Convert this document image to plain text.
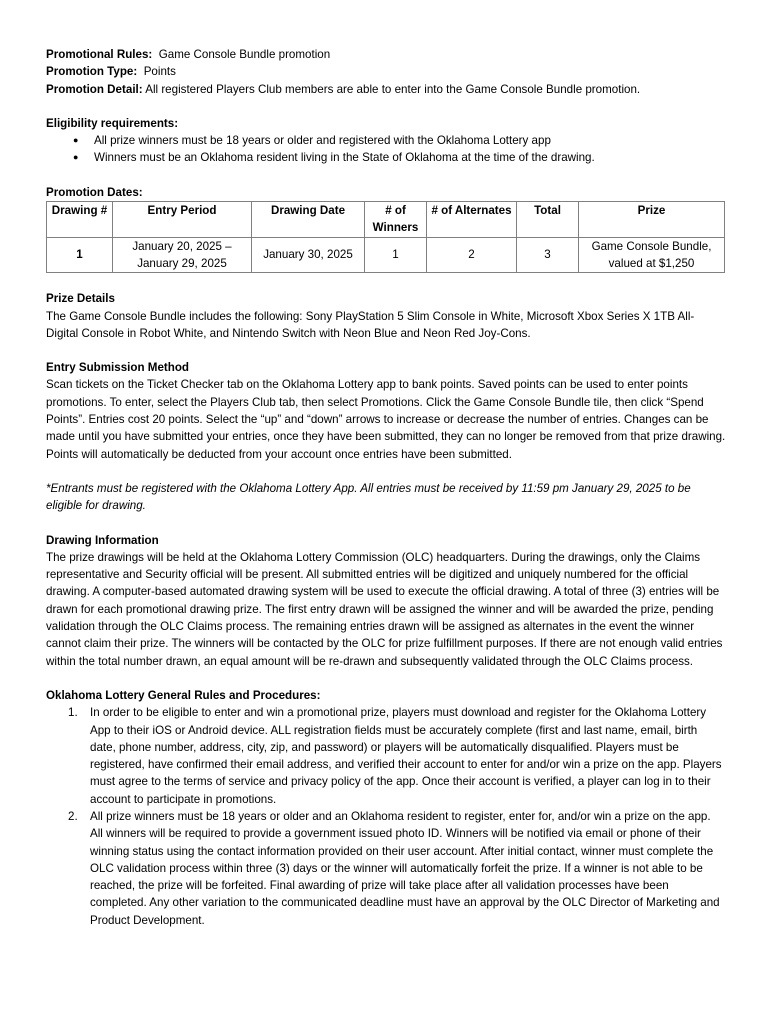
Promotional Rules: Game Console Bundle promotion

Promotion Type: Points

Promotion Detail: All registered Players Club members are able to enter into the Game Console Bundle promotion.

Eligibility requirements:

● All prize winners must be 18 years or older and registered with the Oklahoma Lottery app
● Winners must be an Oklahoma resident living in the State of Oklahoma at the time of the drawing.

Promotion Dates:

Drawing #	Entry Period	Drawing Date	# of Winners	# of Alternates	Total	Prize
1	January 20, 2025 – January 29, 2025	January 30, 2025	1	2	3	Game Console Bundle, valued at $1,250

Prize Details

The Game Console Bundle includes the following: Sony PlayStation 5 Slim Console in White, Microsoft Xbox Series X 1TB All-Digital Console in Robot White, and Nintendo Switch with Neon Blue and Neon Red Joy-Cons.

Entry Submission Method

Scan tickets on the Ticket Checker tab on the Oklahoma Lottery app to bank points. Saved points can be used to enter points promotions. To enter, select the Players Club tab, then select Promotions. Click the Game Console Bundle tile, then click “Spend Points”. Entries cost 20 points. Select the “up” and “down” arrows to increase or decrease the number of entries. Changes can be made until you have submitted your entries, once they have been submitted, they can no longer be removed from that prize drawing. Points will automatically be deducted from your account once entries have been submitted.

*Entrants must be registered with the Oklahoma Lottery App. All entries must be received by 11:59 pm January 29, 2025 to be eligible for drawing.

Drawing Information

The prize drawings will be held at the Oklahoma Lottery Commission (OLC) headquarters. During the drawings, only the Claims representative and Security official will be present. All submitted entries will be digitized and uniquely numbered for the official drawing. A computer-based automated drawing system will be used to execute the official drawing. A total of three (3) entries will be drawn for each promotional drawing prize. The first entry drawn will be assigned the winner and will be awarded the prize, pending validation through the OLC Claims process. The remaining entries drawn will be assigned as alternates in the event the winner cannot claim their prize. The winners will be contacted by the OLC for prize fulfillment purposes. If there are not enough valid entries within the total number drawn, an equal amount will be re-drawn and subsequently validated through the OLC Claims process.

Oklahoma Lottery General Rules and Procedures:

1. In order to be eligible to enter and win a promotional prize, players must download and register for the Oklahoma Lottery App to their iOS or Android device. ALL registration fields must be accurately complete (first and last name, email, birth date, phone number, address, city, zip, and password) or players will be automatically disqualified. Players must be registered, have confirmed their email address, and verified their account to enter for and/or win a prize on the app. Players must agree to the terms of service and privacy policy of the app. Once their account is verified, a player can log in to their account to participate in promotions.
2. All prize winners must be 18 years or older and an Oklahoma resident to register, enter for, and/or win a prize on the app. All winners will be required to provide a government issued photo ID. Winners will be notified via email or phone of their winning status using the contact information provided on their user account. After initial contact, winner must complete the OLC validation process within three (3) days or the winner will automatically forfeit the prize. If a winner is not able to be reached, the prize will be forfeited. Final awarding of prize will take place after all validation processes have been completed. Any other variation to the communicated deadline must have an approval by the OLC Director of Marketing and Product Development.
